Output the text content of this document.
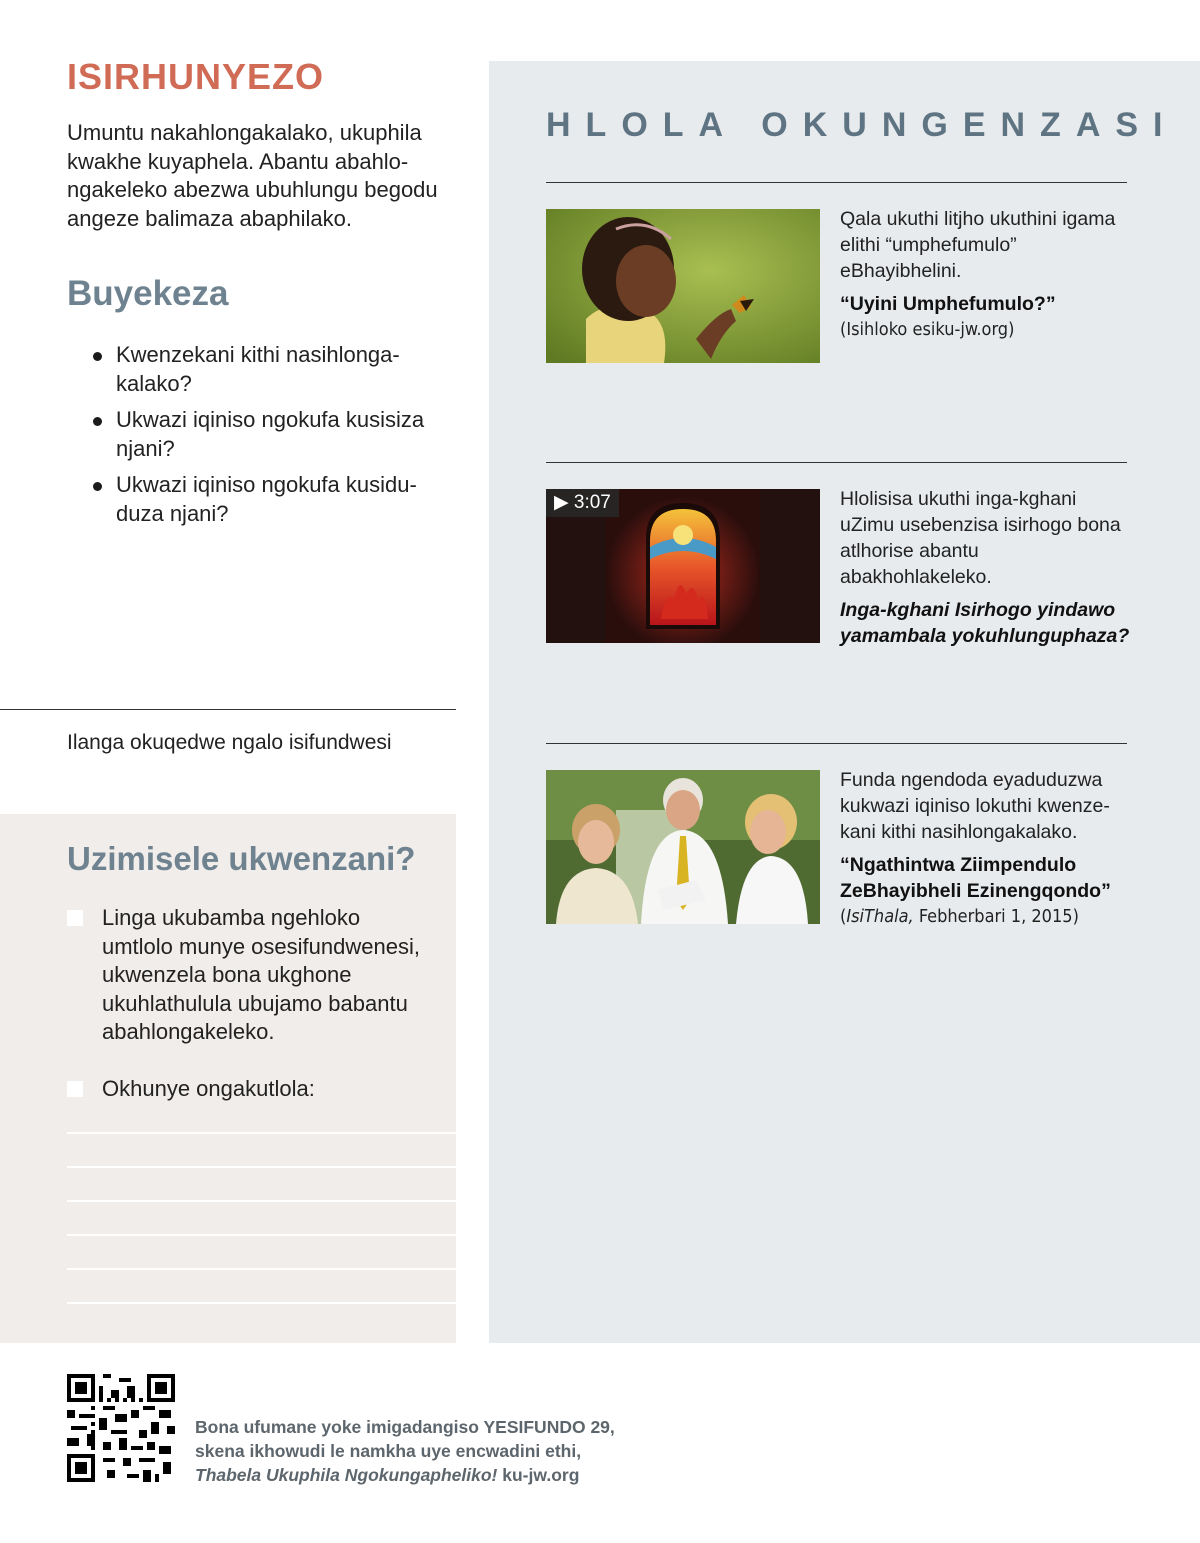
ISIRHUNYEZO
Umuntu nakahlongakalako, ukuphila kwakhe kuyaphela. Abantu abahlongakeleko abezwa ubuhlungu begodu angeze balimaza abaphilako.
Buyekeza
Kwenzekani kithi nasihlongakalako?
Ukwazi iqiniso ngokufa kusisiza njani?
Ukwazi iqiniso ngokufa kusiduduza njani?
Ilanga okuqedwe ngalo isifundwesi
Uzimisele ukwenzani?
Linga ukubamba ngehloko umtlolo munye osesifundwenesi, ukwenzela bona ukghone ukuhlathulula ubujamo babantu abahlongakeleko.
Okhunye ongakutlola:
HLOLA OKUNGENZASI
Qala ukuthi litjho ukuthini igama elithi “umphefumulo” eBhayibhelini.
“Uyini Umphefumulo?”
(Isihloko esiku-jw.org)
▶ 3:07	Hlolisisa ukuthi inga-kghani uZimu usebenzisa isirhogo bona atlhorise abantu abakhohlakeleko.
Inga-kghani Isirhogo yindawo yamambala yokuhlunguphaza?
Funda ngendoda eyaduduzwa kukwazi iqiniso lokuthi kwenzekani kithi nasihlongakalako.
“Ngathintwa Ziimpendulo ZeBhayibheli Ezinengqondo”
(IsiThala, Febherbari 1, 2015)
Bona ufumane yoke imigadangiso YESIFUNDO 29,
skena ikhowudi le namkha uye encwadini ethi,
Thabela Ukuphila Ngokungapheliko! ku-jw.org
